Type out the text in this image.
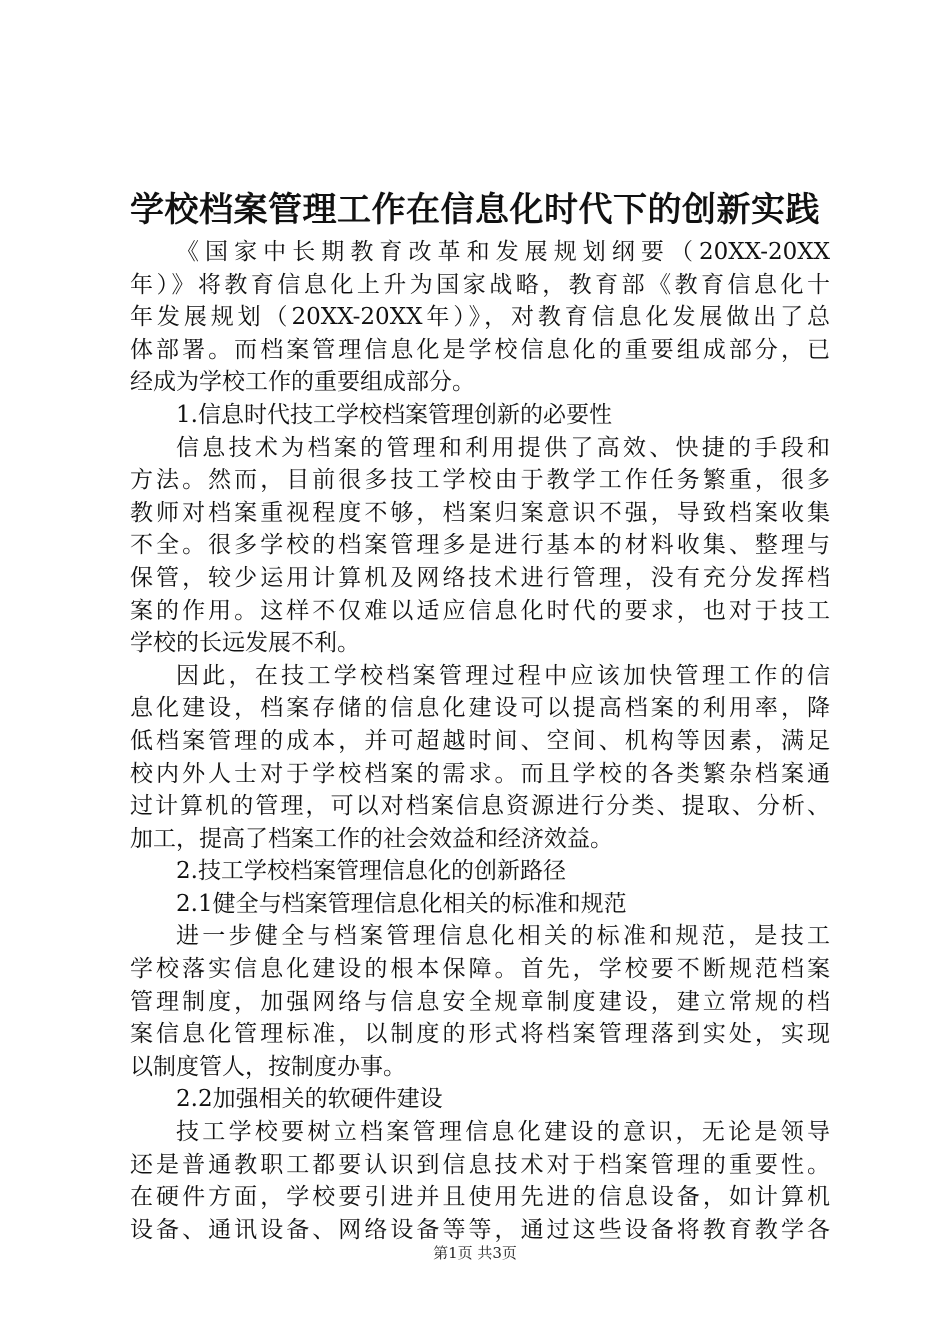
学校档案管理工作在信息化时代下的创新实践
《国家中长期教育改革和发展规划纲要（20XX-20XX
年）》将教育信息化上升为国家战略，教育部《教育信息化十
年发展规划（20XX-20XX年）》，对教育信息化发展做出了总
体部署。而档案管理信息化是学校信息化的重要组成部分，已
经成为学校工作的重要组成部分。
1.信息时代技工学校档案管理创新的必要性
信息技术为档案的管理和利用提供了高效、快捷的手段和
方法。然而，目前很多技工学校由于教学工作任务繁重，很多
教师对档案重视程度不够，档案归案意识不强，导致档案收集
不全。很多学校的档案管理多是进行基本的材料收集、整理与
保管，较少运用计算机及网络技术进行管理，没有充分发挥档
案的作用。这样不仅难以适应信息化时代的要求，也对于技工
学校的长远发展不利。
因此，在技工学校档案管理过程中应该加快管理工作的信
息化建设，档案存储的信息化建设可以提高档案的利用率，降
低档案管理的成本，并可超越时间、空间、机构等因素，满足
校内外人士对于学校档案的需求。而且学校的各类繁杂档案通
过计算机的管理，可以对档案信息资源进行分类、提取、分析、
加工，提高了档案工作的社会效益和经济效益。
2.技工学校档案管理信息化的创新路径
2.1健全与档案管理信息化相关的标准和规范
进一步健全与档案管理信息化相关的标准和规范，是技工
学校落实信息化建设的根本保障。首先，学校要不断规范档案
管理制度，加强网络与信息安全规章制度建设，建立常规的档
案信息化管理标准，以制度的形式将档案管理落到实处，实现
以制度管人，按制度办事。
2.2加强相关的软硬件建设
技工学校要树立档案管理信息化建设的意识，无论是领导
还是普通教职工都要认识到信息技术对于档案管理的重要性。
在硬件方面，学校要引进并且使用先进的信息设备，如计算机
设备、通讯设备、网络设备等等，通过这些设备将教育教学各
第1页 共3页
